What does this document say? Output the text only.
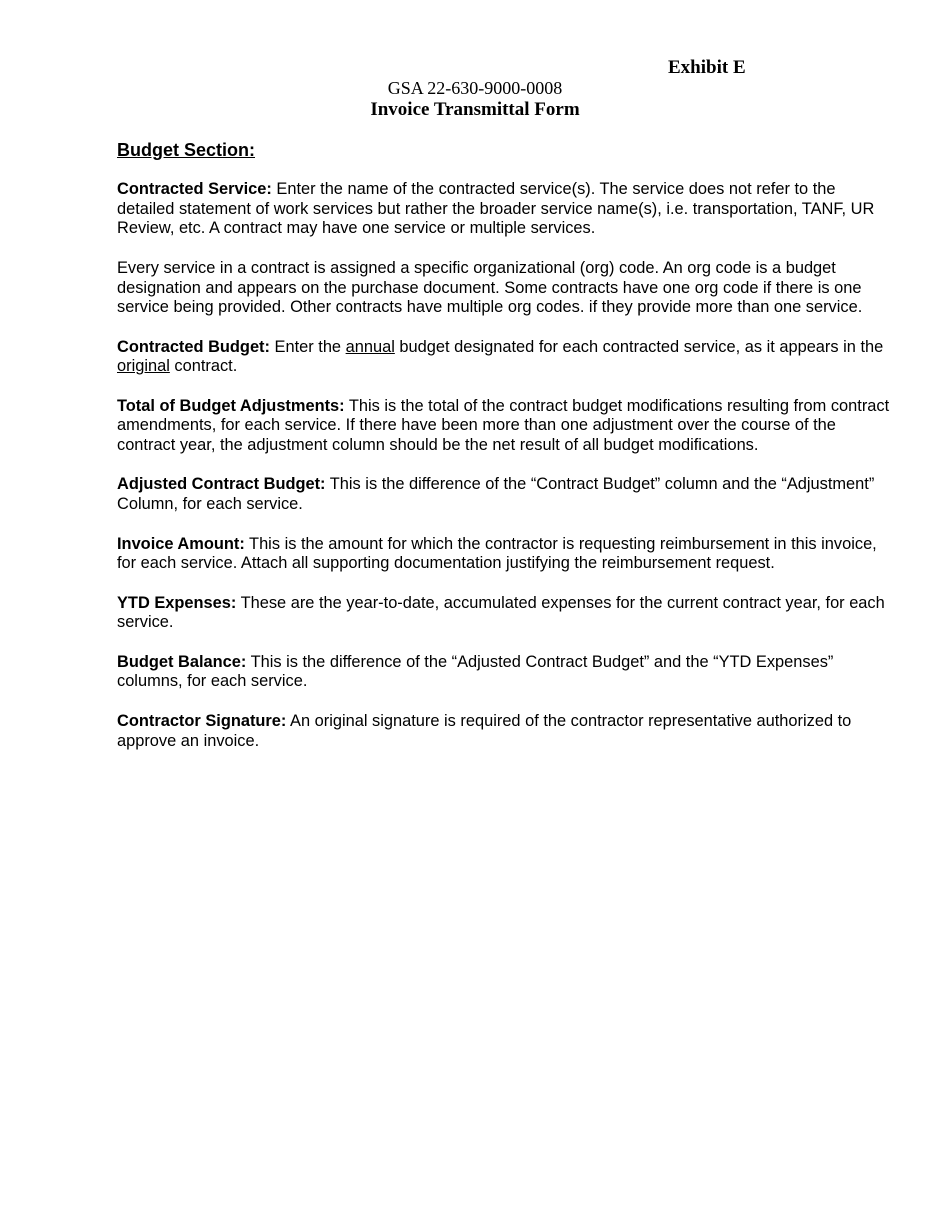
Exhibit E
GSA 22-630-9000-0008
Invoice Transmittal Form
Budget Section:

Contracted Service: Enter the name of the contracted service(s). The service does not refer to the detailed statement of work services but rather the broader service name(s), i.e. transportation, TANF, UR Review, etc. A contract may have one service or multiple services.

Every service in a contract is assigned a specific organizational (org) code. An org code is a budget designation and appears on the purchase document. Some contracts have one org code if there is one service being provided. Other contracts have multiple org codes. if they provide more than one service.

Contracted Budget: Enter the annual budget designated for each contracted service, as it appears in the original contract.

Total of Budget Adjustments: This is the total of the contract budget modifications resulting from contract amendments, for each service. If there have been more than one adjustment over the course of the contract year, the adjustment column should be the net result of all budget modifications.

Adjusted Contract Budget: This is the difference of the “Contract Budget” column and the “Adjustment” Column, for each service.

Invoice Amount: This is the amount for which the contractor is requesting reimbursement in this invoice, for each service. Attach all supporting documentation justifying the reimbursement request.

YTD Expenses: These are the year-to-date, accumulated expenses for the current contract year, for each service.

Budget Balance: This is the difference of the “Adjusted Contract Budget” and the “YTD Expenses” columns, for each service.

Contractor Signature: An original signature is required of the contractor representative authorized to approve an invoice.
